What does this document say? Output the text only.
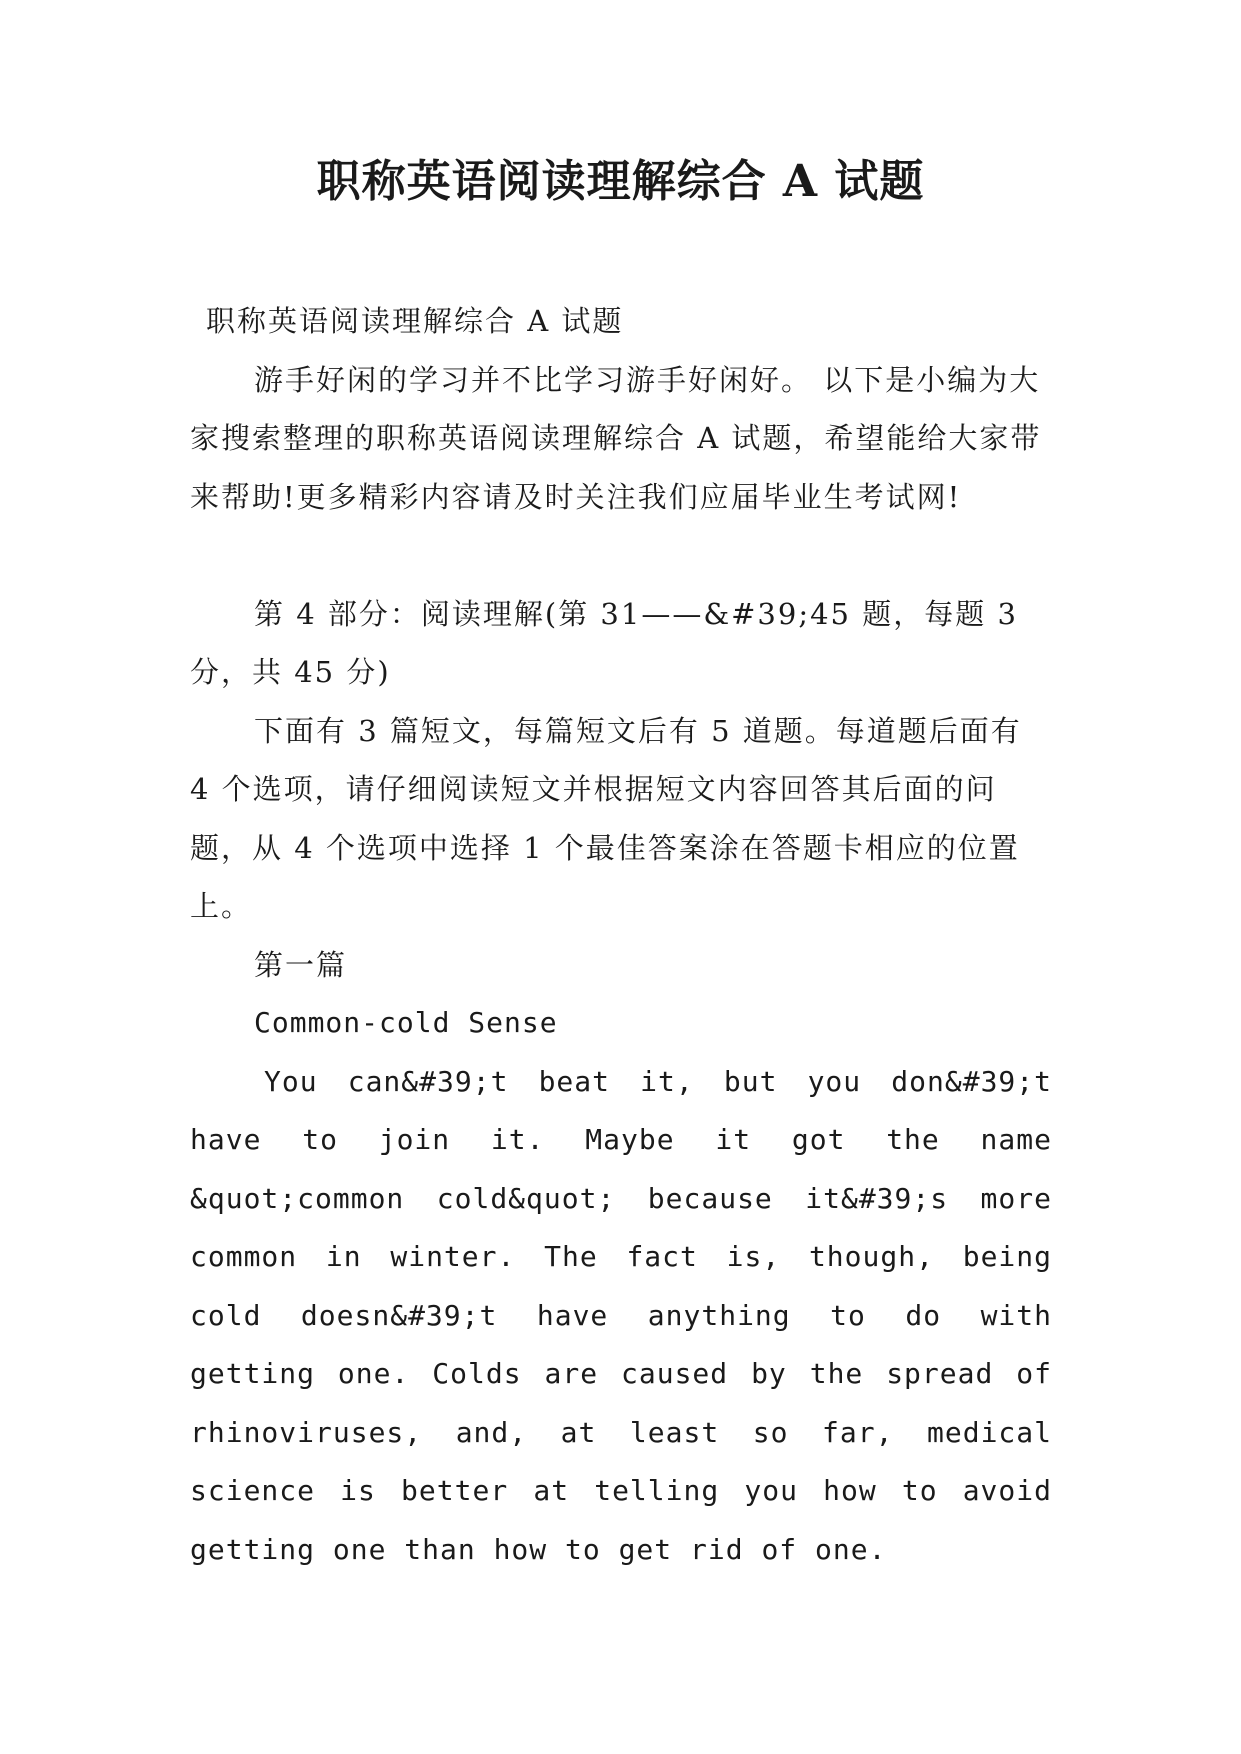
职称英语阅读理解综合 A 试题

职称英语阅读理解综合 A 试题

游手好闲的学习并不比学习游手好闲好。 以下是小编为大家搜索整理的职称英语阅读理解综合 A 试题，希望能给大家带来帮助!更多精彩内容请及时关注我们应届毕业生考试网!

第 4 部分：阅读理解(第 31——&#39;45 题，每题 3 分，共 45 分)

下面有 3 篇短文，每篇短文后有 5 道题。每道题后面有 4 个选项，请仔细阅读短文并根据短文内容回答其后面的问题，从 4 个选项中选择 1 个最佳答案涂在答题卡相应的位置上。

第一篇

Common-cold Sense

You can&#39;t beat it, but you don&#39;t have to join it. Maybe it got the name &quot;common cold&quot; because it&#39;s more common in winter. The fact is, though, being cold doesn&#39;t have anything to do with getting one. Colds are caused by the spread of rhinoviruses, and, at least so far, medical science is better at telling you how to avoid getting one than how to get rid of one.
